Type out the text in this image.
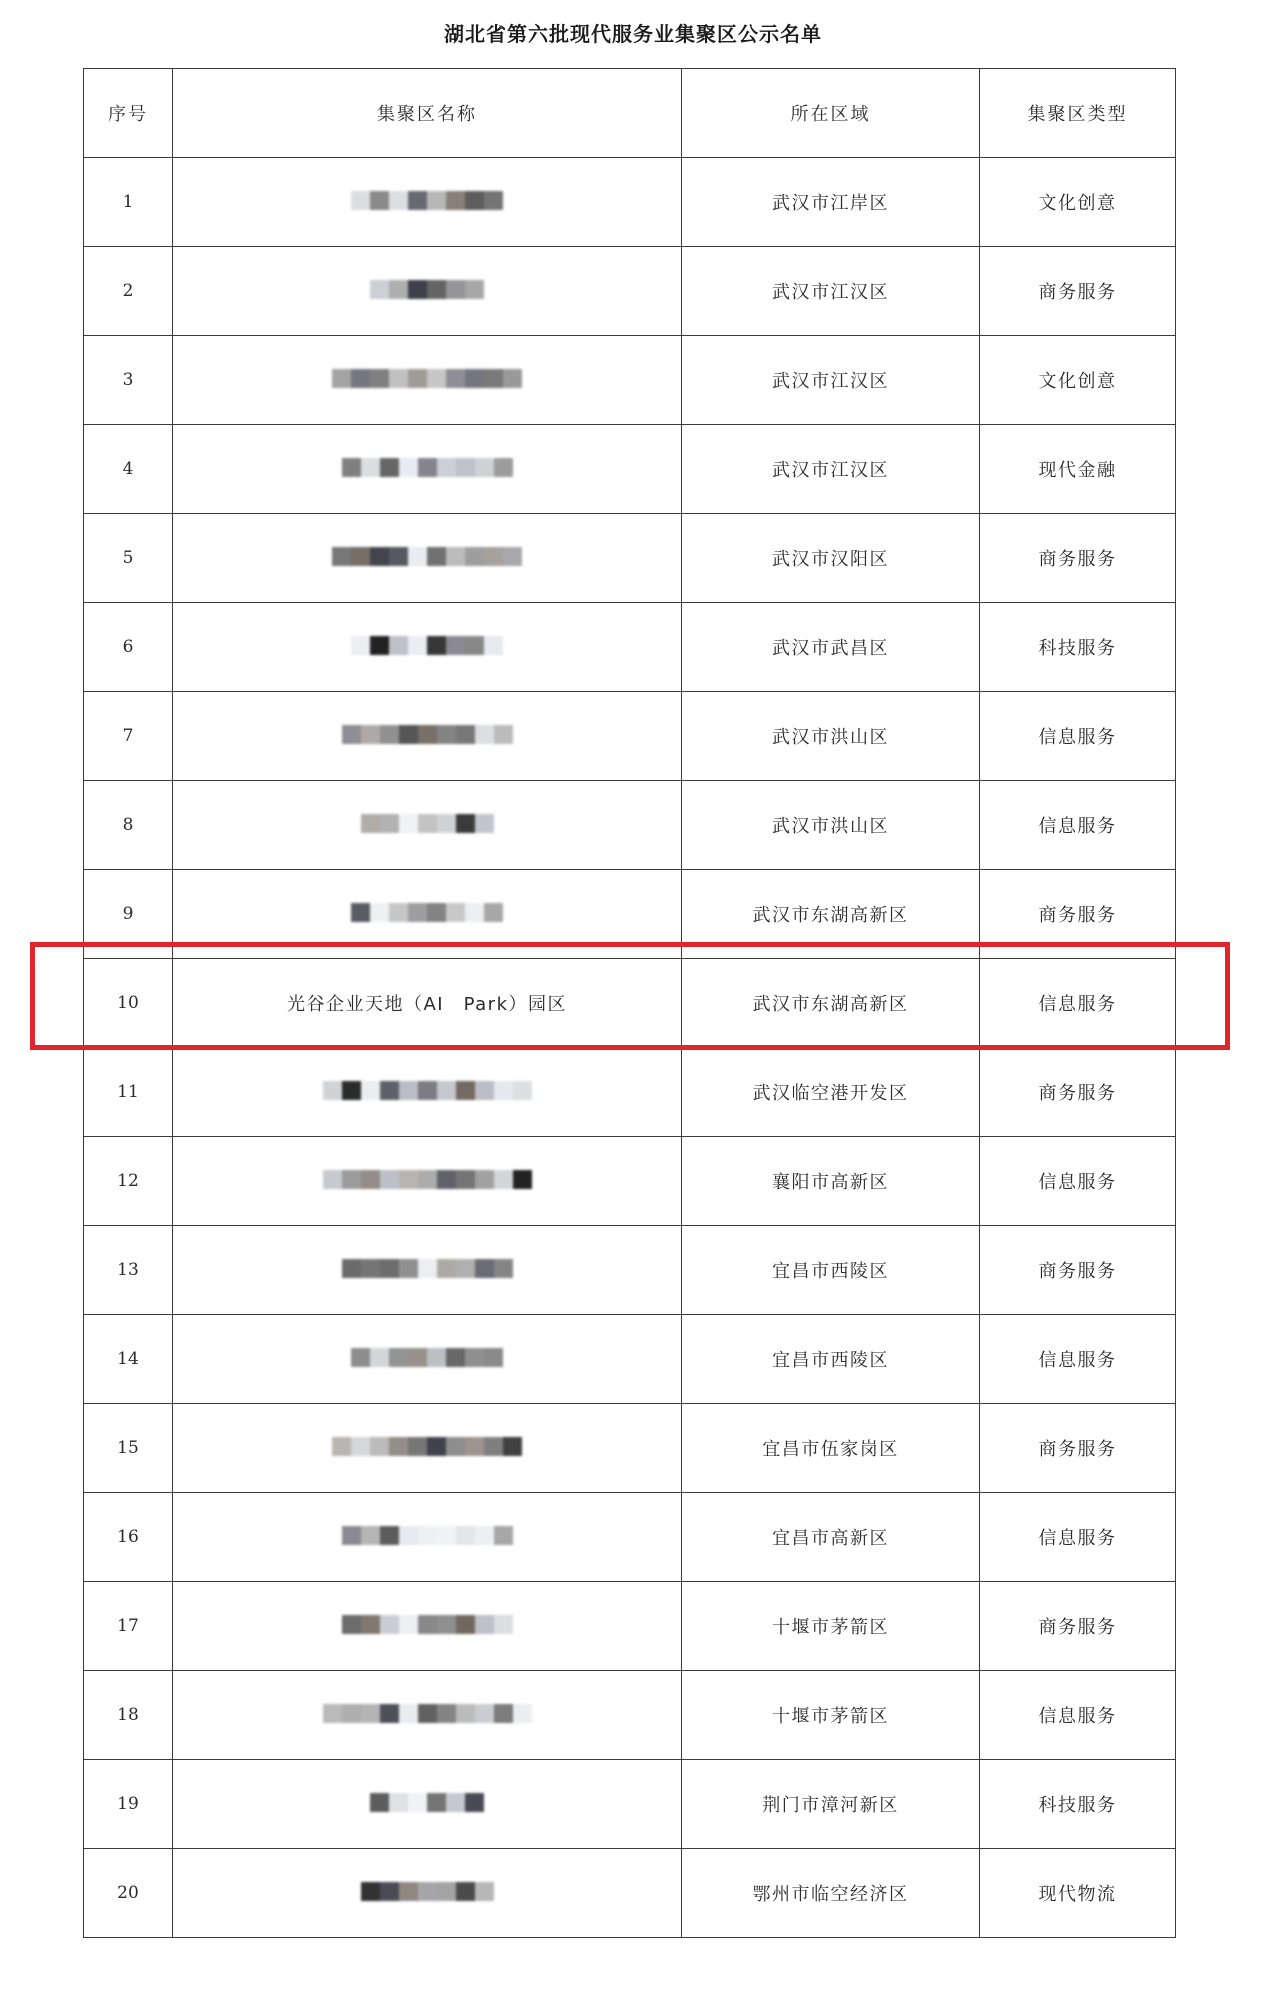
湖北省第六批现代服务业集聚区公示名单
序号	集聚区名称	所在区域	集聚区类型
1		武汉市江岸区	文化创意
2		武汉市江汉区	商务服务
3		武汉市江汉区	文化创意
4		武汉市江汉区	现代金融
5		武汉市汉阳区	商务服务
6		武汉市武昌区	科技服务
7		武汉市洪山区	信息服务
8		武汉市洪山区	信息服务
9		武汉市东湖高新区	商务服务
10	光谷企业天地（AI　Park）园区	武汉市东湖高新区	信息服务
11		武汉临空港开发区	商务服务
12		襄阳市高新区	信息服务
13		宜昌市西陵区	商务服务
14		宜昌市西陵区	信息服务
15		宜昌市伍家岗区	商务服务
16		宜昌市高新区	信息服务
17		十堰市茅箭区	商务服务
18		十堰市茅箭区	信息服务
19		荆门市漳河新区	科技服务
20		鄂州市临空经济区	现代物流
